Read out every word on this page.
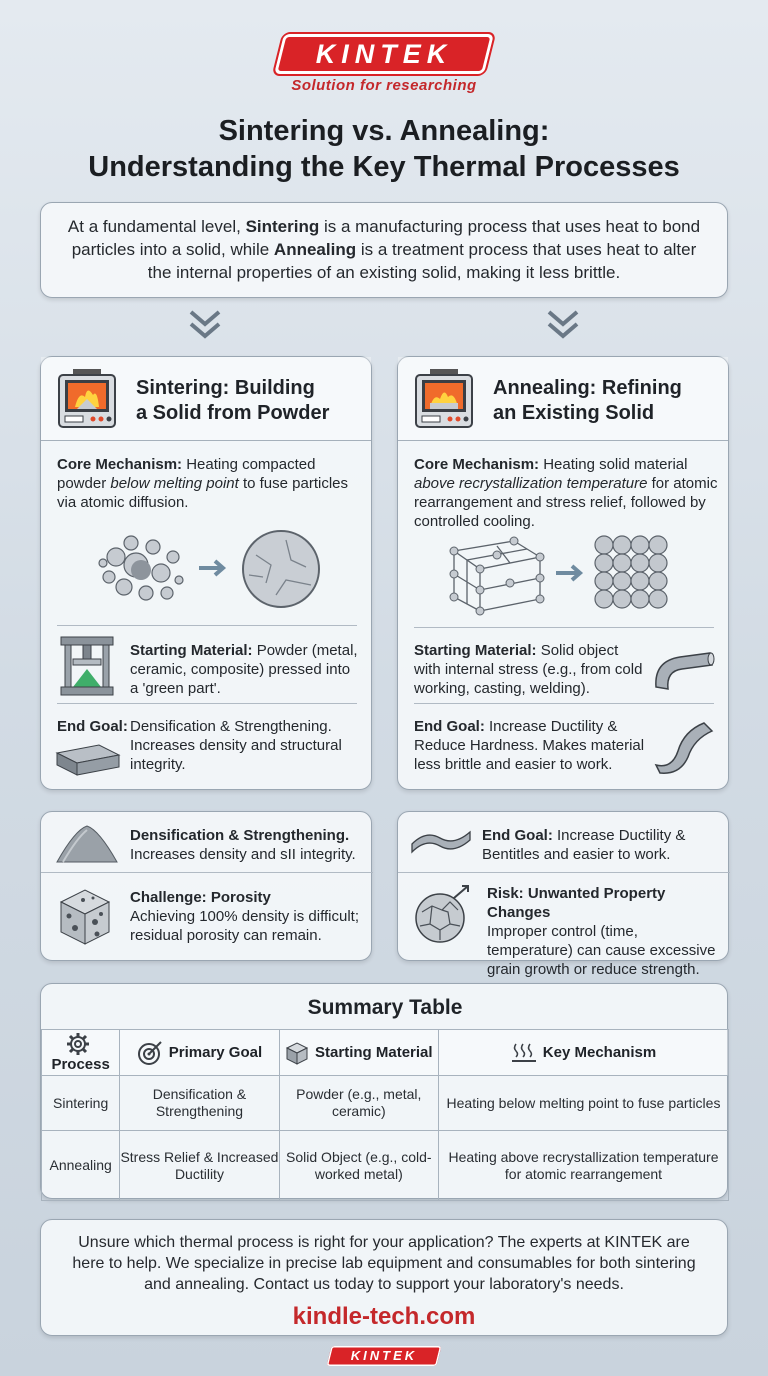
KINTEK
Solution for researching
Sintering vs. Annealing:
Understanding the Key Thermal Processes
At a fundamental level, Sintering is a manufacturing process that uses heat to bond particles into a solid, while Annealing is a treatment process that uses heat to alter the internal properties of an existing solid, making it less brittle.
Sintering: Building
a Solid from Powder
Core Mechanism: Heating compacted powder below melting point to fuse particles via atomic diffusion.
Starting Material: Powder (metal, ceramic, composite) pressed into a 'green part'.
End Goal: Densification & Strengthening. Increases density and structural integrity.
Annealing: Refining
an Existing Solid
Core Mechanism: Heating solid material above recrystallization temperature for atomic rearrangement and stress relief, followed by controlled cooling.
Starting Material: Solid object with internal stress (e.g., from cold working, casting, welding).
End Goal: Increase Ductility & Reduce Hardness. Makes material less brittle and easier to work.
Densification & Strengthening.
Increases density and sII integrity.
Challenge: Porosity
Achieving 100% density is difficult; residual porosity can remain.
End Goal: Increase Ductility &
Bentitles and easier to work.
Risk: Unwanted Property Changes
Improper control (time, temperature) can cause excessive grain growth or reduce strength.
Summary Table
Process	Primary Goal	Starting Material	Key Mechanism
Sintering	Densification & Strengthening	Powder (e.g., metal, ceramic)	Heating below melting point to fuse particles
Annealing	Stress Relief & Increased Ductility	Solid Object (e.g., cold-worked metal)	Heating above recrystallization temperature for atomic rearrangement
Unsure which thermal process is right for your application? The experts at KINTEK are here to help. We specialize in precise lab equipment and consumables for both sintering and annealing. Contact us today to support your laboratory's needs.
kindle-tech.com
KINTEK
